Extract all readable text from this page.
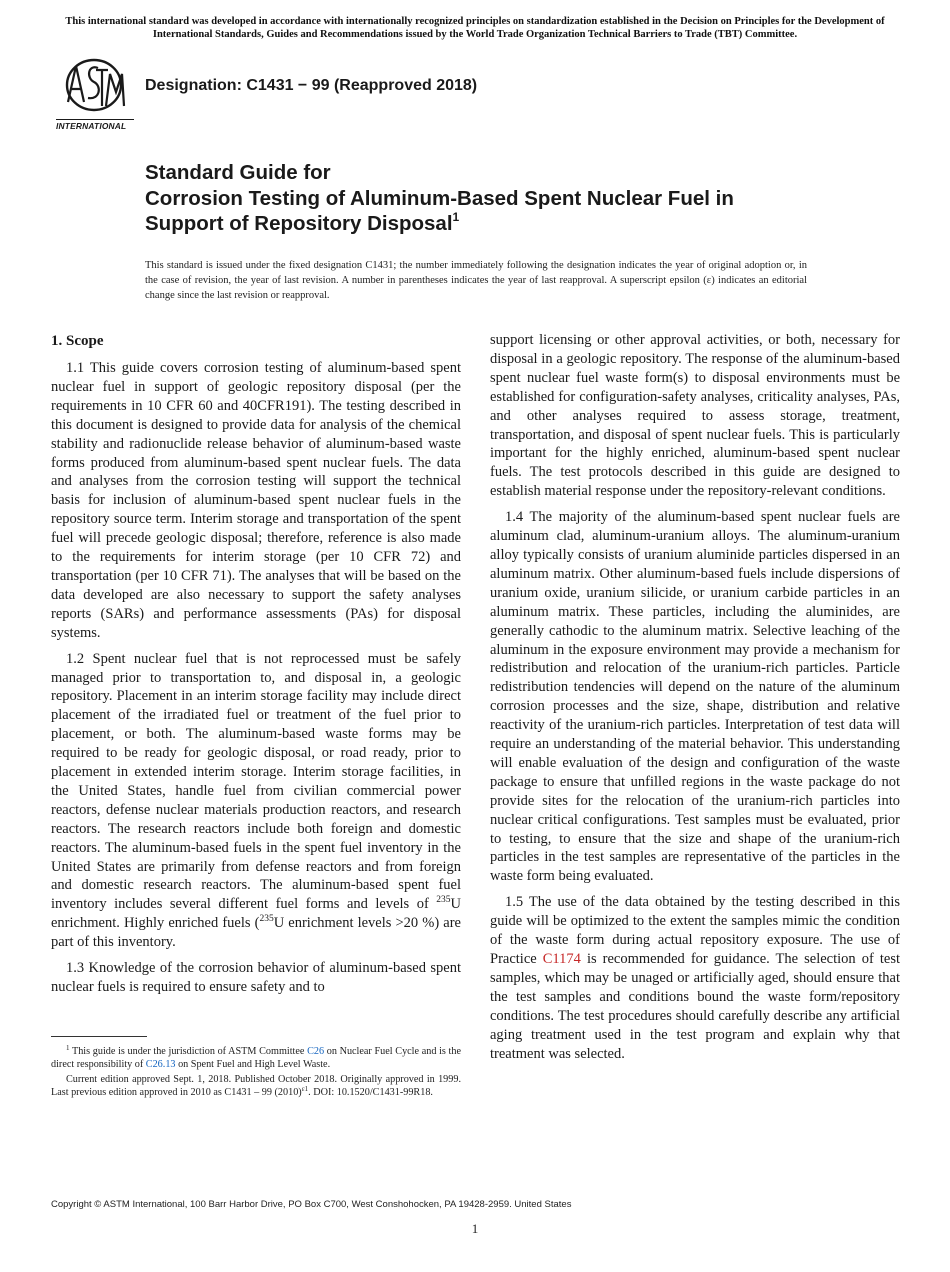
This international standard was developed in accordance with internationally recognized principles on standardization established in the Decision on Principles for the Development of International Standards, Guides and Recommendations issued by the World Trade Organization Technical Barriers to Trade (TBT) Committee.
INTERNATIONAL
Designation: C1431 − 99 (Reapproved 2018)
Standard Guide for
Corrosion Testing of Aluminum-Based Spent Nuclear Fuel in
Support of Repository Disposal$^1$
This standard is issued under the fixed designation C1431; the number immediately following the designation indicates the year of original adoption or, in the case of revision, the year of last revision. A number in parentheses indicates the year of last reapproval. A superscript epsilon (ε) indicates an editorial change since the last revision or reapproval.
1. Scope

1.1 This guide covers corrosion testing of aluminum-based spent nuclear fuel in support of geologic repository disposal (per the requirements in 10 CFR 60 and 40CFR191). The testing described in this document is designed to provide data for analysis of the chemical stability and radionuclide release behavior of aluminum-based waste forms produced from aluminum-based spent nuclear fuels. The data and analyses from the corrosion testing will support the technical basis for inclusion of aluminum-based spent nuclear fuels in the repository source term. Interim storage and transportation of the spent fuel will precede geologic disposal; therefore, reference is also made to the requirements for interim storage (per 10 CFR 72) and transportation (per 10 CFR 71). The analyses that will be based on the data developed are also necessary to support the safety analyses reports (SARs) and performance assessments (PAs) for disposal systems.

1.2 Spent nuclear fuel that is not reprocessed must be safely managed prior to transportation to, and disposal in, a geologic repository. Placement in an interim storage facility may include direct placement of the irradiated fuel or treatment of the fuel prior to placement, or both. The aluminum-based waste forms may be required to be ready for geologic disposal, or road ready, prior to placement in extended interim storage. Interim storage facilities, in the United States, handle fuel from civilian commercial power reactors, defense nuclear materials production reactors, and research reactors. The research reactors include both foreign and domestic reactors. The aluminum-based fuels in the spent fuel inventory in the United States are primarily from defense reactors and from foreign and domestic research reactors. The aluminum-based spent fuel inventory includes several different fuel forms and levels of $^{235}$U enrichment. Highly enriched fuels ($^{235}$U enrichment levels >20 %) are part of this inventory.

1.3 Knowledge of the corrosion behavior of aluminum-based spent nuclear fuels is required to ensure safety and to

support licensing or other approval activities, or both, necessary for disposal in a geologic repository. The response of the aluminum-based spent nuclear fuel waste form(s) to disposal environments must be established for configuration-safety analyses, criticality analyses, PAs, and other analyses required to assess storage, treatment, transportation, and disposal of spent nuclear fuels. This is particularly important for the highly enriched, aluminum-based spent nuclear fuels. The test protocols described in this guide are designed to establish material response under the repository-relevant conditions.

1.4 The majority of the aluminum-based spent nuclear fuels are aluminum clad, aluminum-uranium alloys. The aluminum-uranium alloy typically consists of uranium aluminide particles dispersed in an aluminum matrix. Other aluminum-based fuels include dispersions of uranium oxide, uranium silicide, or uranium carbide particles in an aluminum matrix. These particles, including the aluminides, are generally cathodic to the aluminum matrix. Selective leaching of the aluminum in the exposure environment may provide a mechanism for redistribution and relocation of the uranium-rich particles. Particle redistribution tendencies will depend on the nature of the aluminum corrosion processes and the size, shape, distribution and relative reactivity of the uranium-rich particles. Interpretation of test data will require an understanding of the material behavior. This understanding will enable evaluation of the design and configuration of the waste package to ensure that unfilled regions in the waste package do not provide sites for the relocation of the uranium-rich particles into nuclear critical configurations. Test samples must be evaluated, prior to testing, to ensure that the size and shape of the uranium-rich particles in the test samples are representative of the particles in the waste form being evaluated.

1.5 The use of the data obtained by the testing described in this guide will be optimized to the extent the samples mimic the condition of the waste form during actual repository exposure. The use of Practice C1174 is recommended for guidance. The selection of test samples, which may be unaged or artificially aged, should ensure that the test samples and conditions bound the waste form/repository conditions. The test procedures should carefully describe any artificial aging treatment used in the test program and explain why that treatment was selected.

$^1$ This guide is under the jurisdiction of ASTM Committee C26 on Nuclear Fuel Cycle and is the direct responsibility of C26.13 on Spent Fuel and High Level Waste.

Current edition approved Sept. 1, 2018. Published October 2018. Originally approved in 1999. Last previous edition approved in 2010 as C1431 – 99 $(2010)^{\varepsilon 1}$. DOI: 10.1520/C1431-99R18.

Copyright © ASTM International, 100 Barr Harbor Drive, PO Box C700, West Conshohocken, PA 19428-2959. United States
1
